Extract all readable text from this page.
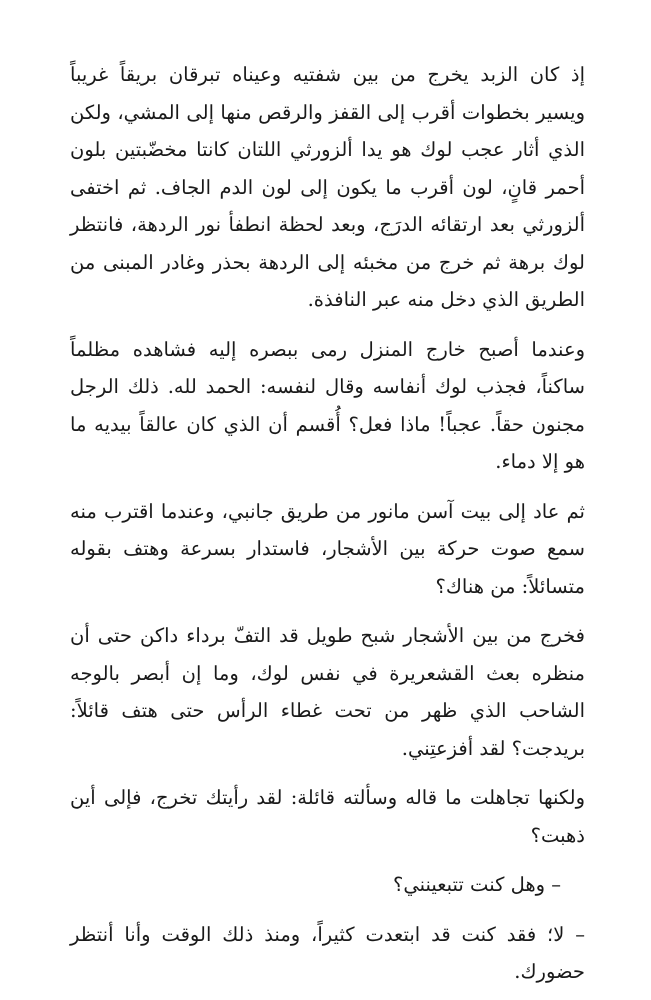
إذ كان الزبد يخرج من بين شفتيه وعيناه تبرقان بريقاً غريباً ويسير بخطوات أقرب إلى القفز والرقص منها إلى المشي، ولكن الذي أثار عجب لوك هو يدا ألزورثي اللتان كانتا مخضّبتين بلون أحمر قانٍ، لون أقرب ما يكون إلى لون الدم الجاف. ثم اختفى ألزورثي بعد ارتقائه الدرَج، وبعد لحظة انطفأ نور الردهة، فانتظر لوك برهة ثم خرج من مخبئه إلى الردهة بحذر وغادر المبنى من الطريق الذي دخل منه عبر النافذة.

وعندما أصبح خارج المنزل رمى ببصره إليه فشاهده مظلماً ساكناً، فجذب لوك أنفاسه وقال لنفسه: الحمد لله. ذلك الرجل مجنون حقاً. عجباً! ماذا فعل؟ أُقسم أن الذي كان عالقاً بيديه ما هو إلا دماء.

ثم عاد إلى بيت آسن مانور من طريق جانبي، وعندما اقترب منه سمع صوت حركة بين الأشجار، فاستدار بسرعة وهتف بقوله متسائلاً: من هناك؟

فخرج من بين الأشجار شبح طويل قد التفّ برداء داكن حتى أن منظره بعث القشعريرة في نفس لوك، وما إن أبصر بالوجه الشاحب الذي ظهر من تحت غطاء الرأس حتى هتف قائلاً: بريدجت؟ لقد أفزعتِني.

ولكنها تجاهلت ما قاله وسألته قائلة: لقد رأيتك تخرج، فإلى أين ذهبت؟

– وهل كنت تتبعينني؟

– لا؛ فقد كنت قد ابتعدت كثيراً، ومنذ ذلك الوقت وأنا أنتظر حضورك.
